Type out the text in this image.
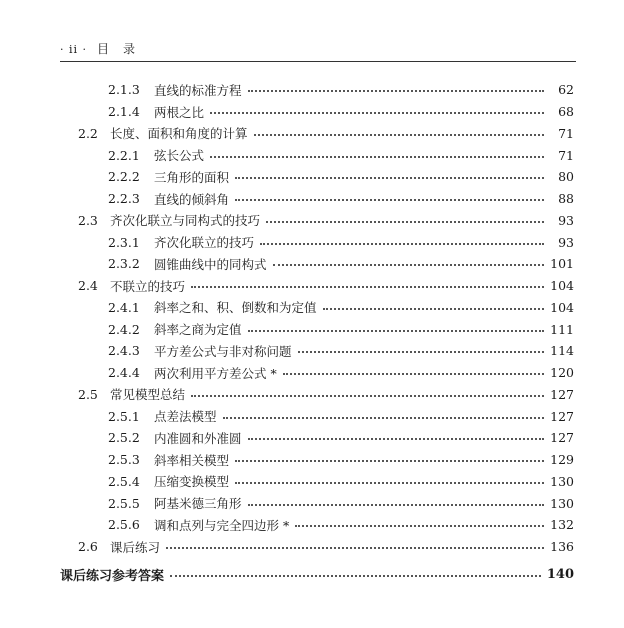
· ii · 目　录
2.1.3	直线的标准方程	62
2.1.4	两根之比	68
2.2 长度、面积和角度的计算	71
2.2.1	弦长公式	71
2.2.2	三角形的面积	80
2.2.3	直线的倾斜角	88
2.3 齐次化联立与同构式的技巧	93
2.3.1	齐次化联立的技巧	93
2.3.2	圆锥曲线中的同构式	101
2.4 不联立的技巧	104
2.4.1	斜率之和、积、倒数和为定值	104
2.4.2	斜率之商为定值	111
2.4.3	平方差公式与非对称问题	114
2.4.4	两次利用平方差公式 *	120
2.5 常见模型总结	127
2.5.1	点差法模型	127
2.5.2	内准圆和外准圆	127
2.5.3	斜率相关模型	129
2.5.4	压缩变换模型	130
2.5.5	阿基米德三角形	130
2.5.6	调和点列与完全四边形 *	132
2.6 课后练习	136
课后练习参考答案	140
